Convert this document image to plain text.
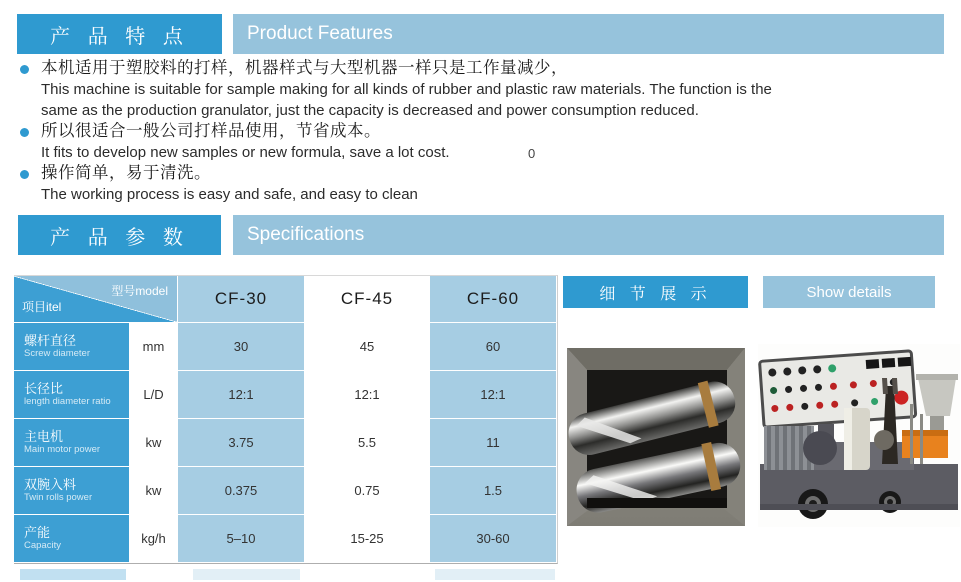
产 品 特 点	Product Features
本机适用于塑胶料的打样，机器样式与大型机器一样只是工作量减少，
This machine is suitable for sample making for all kinds of rubber and plastic raw materials. The function is the
same as the production granulator, just the capacity is decreased and power consumption reduced.
所以很适合一般公司打样品使用，节省成本。
It fits to develop new samples or new formula, save a lot cost.
操作简单，易于清洗。
The working process is easy and safe, and easy to clean
0
产 品 参 数	Specifications
型号model
项目itel	CF-30	CF-45	CF-60
螺杆直径
Screw diameter	mm	30	45	60
长径比
length diameter ratio	L/D	12:1	12:1	12:1
主电机
Main motor power	kw	3.75	5.5	11
双腕入料
Twin rolls power	kw	0.375	0.75	1.5
产能
Capacity	kg/h	5–10	15-25	30-60
细 节 展 示	Show details
